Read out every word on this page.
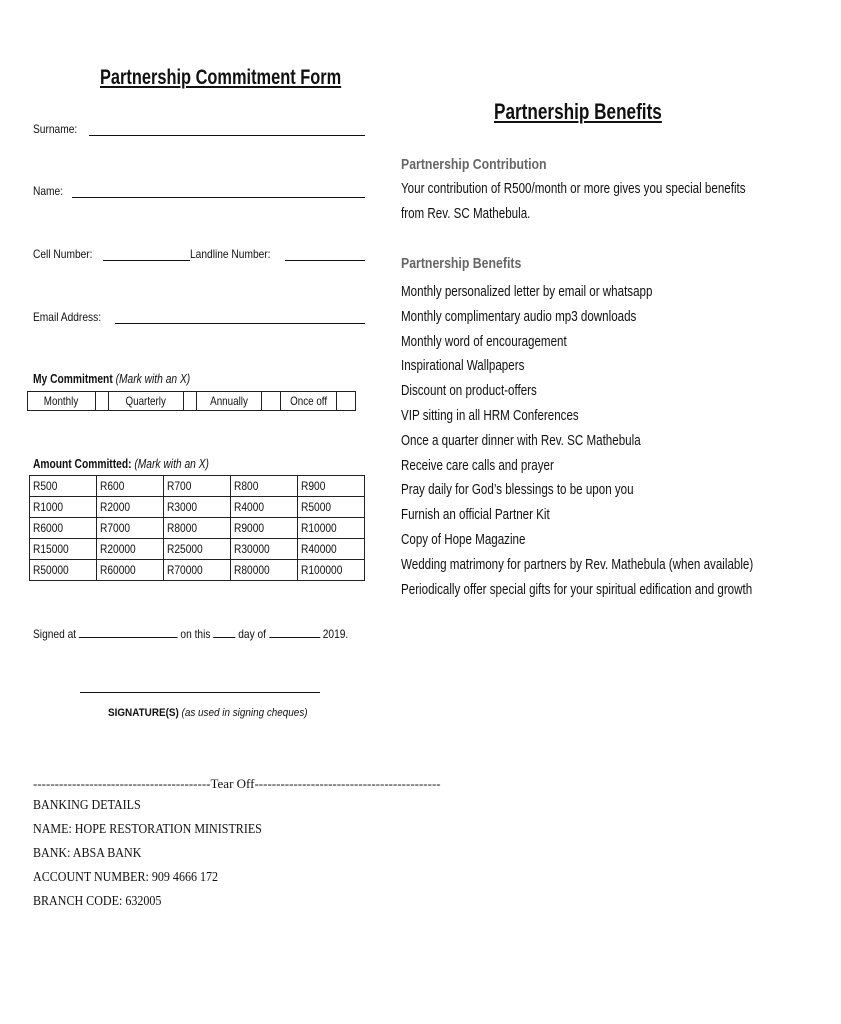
Partnership Commitment Form
Surname:
Name:
Cell Number:	Landline Number:
Email Address:
My Commitment (Mark with an X)
Monthly		Quarterly		Annually		Once off	
Amount Committed: (Mark with an X)
R500	R600	R700	R800	R900
R1000	R2000	R3000	R4000	R5000
R6000	R7000	R8000	R9000	R10000
R15000	R20000	R25000	R30000	R40000
R50000	R60000	R70000	R80000	R100000
Signed at	on this day of	2019.
SIGNATURE(S) (as used in signing cheques)
-----------------------------------------Tear Off-------------------------------------------
BANKING DETAILS
NAME: HOPE RESTORATION MINISTRIES
BANK: ABSA BANK
ACCOUNT NUMBER: 909 4666 172
BRANCH CODE: 632005
Partnership Benefits
Partnership Contribution
Your contribution of R500/month or more gives you special benefits
from Rev. SC Mathebula.
Partnership Benefits
Monthly personalized letter by email or whatsapp
Monthly complimentary audio mp3 downloads
Monthly word of encouragement
Inspirational Wallpapers
Discount on product-offers
VIP sitting in all HRM Conferences
Once a quarter dinner with Rev. SC Mathebula
Receive care calls and prayer
Pray daily for God’s blessings to be upon you
Furnish an official Partner Kit
Copy of Hope Magazine
Wedding matrimony for partners by Rev. Mathebula (when available)
Periodically offer special gifts for your spiritual edification and growth
